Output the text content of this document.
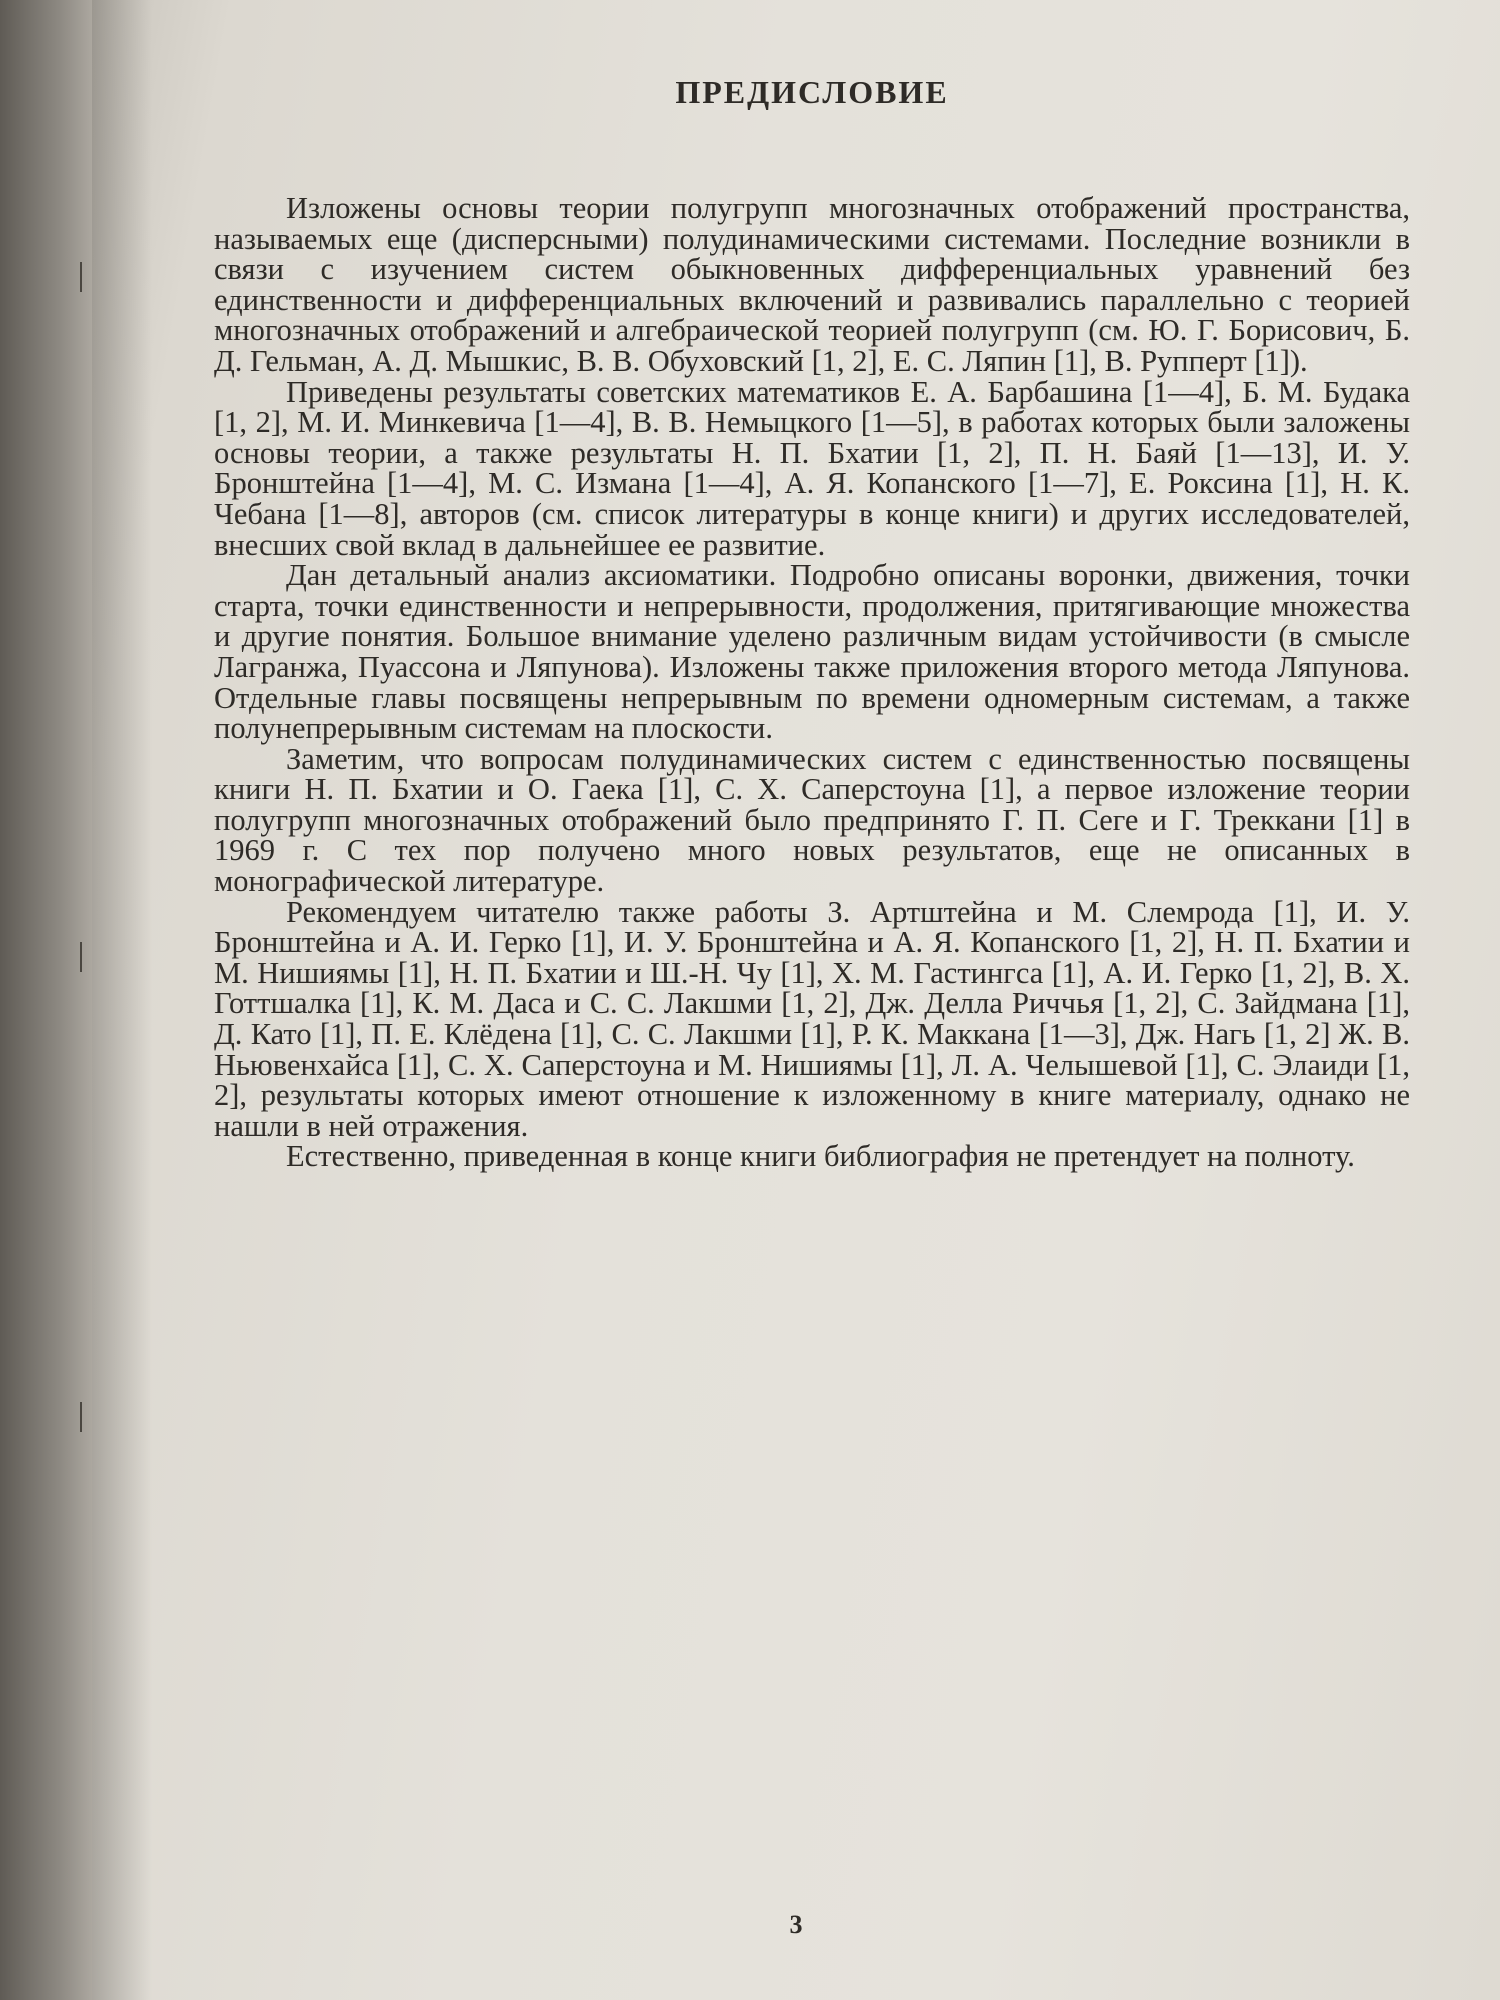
ПРЕДИСЛОВИЕ

Изложены основы теории полугрупп многозначных отображений пространства, называемых еще (дисперсными) полудинамическими системами. Последние возникли в связи с изучением систем обыкновенных дифференциальных уравнений без единственности и дифференциальных включений и развивались параллельно с теорией многозначных отображений и алгебраической теорией полугрупп (см. Ю. Г. Борисович, Б. Д. Гельман, А. Д. Мышкис, В. В. Обуховский [1, 2], Е. С. Ляпин [1], В. Рупперт [1]).

Приведены результаты советских математиков Е. А. Барбашина [1—4], Б. М. Будака [1, 2], М. И. Минкевича [1—4], В. В. Немыцкого [1—5], в работах которых были заложены основы теории, а также результаты Н. П. Бхатии [1, 2], П. Н. Баяй [1—13], И. У. Бронштейна [1—4], М. С. Измана [1—4], А. Я. Копанского [1—7], Е. Роксина [1], Н. К. Чебана [1—8], авторов (см. список литературы в конце книги) и других исследователей, внесших свой вклад в дальнейшее ее развитие.

Дан детальный анализ аксиоматики. Подробно описаны воронки, движения, точки старта, точки единственности и непрерывности, продолжения, притягивающие множества и другие понятия. Большое внимание уделено различным видам устойчивости (в смысле Лагранжа, Пуассона и Ляпунова). Изложены также приложения второго метода Ляпунова. Отдельные главы посвящены непрерывным по времени одномерным системам, а также полунепрерывным системам на плоскости.

Заметим, что вопросам полудинамических систем с единственностью посвящены книги Н. П. Бхатии и О. Гаека [1], С. Х. Саперстоуна [1], а первое изложение теории полугрупп многозначных отображений было предпринято Г. П. Сеге и Г. Треккани [1] в 1969 г. С тех пор получено много новых результатов, еще не описанных в монографической литературе.

Рекомендуем читателю также работы З. Артштейна и М. Слемрода [1], И. У. Бронштейна и А. И. Герко [1], И. У. Бронштейна и А. Я. Копанского [1, 2], Н. П. Бхатии и М. Нишиямы [1], Н. П. Бхатии и Ш.-Н. Чу [1], Х. М. Гастингса [1], А. И. Герко [1, 2], В. Х. Готтшалка [1], К. М. Даса и С. С. Лакшми [1, 2], Дж. Делла Риччья [1, 2], С. Зайдмана [1], Д. Като [1], П. Е. Клёдена [1], С. С. Лакшми [1], Р. К. Маккана [1—3], Дж. Нагь [1, 2] Ж. В. Ньювенхайса [1], С. Х. Саперстоуна и М. Нишиямы [1], Л. А. Челышевой [1], С. Элаиди [1, 2], результаты которых имеют отношение к изложенному в книге материалу, однако не нашли в ней отражения.

Естественно, приведенная в конце книги библиография не претендует на полноту.

3
